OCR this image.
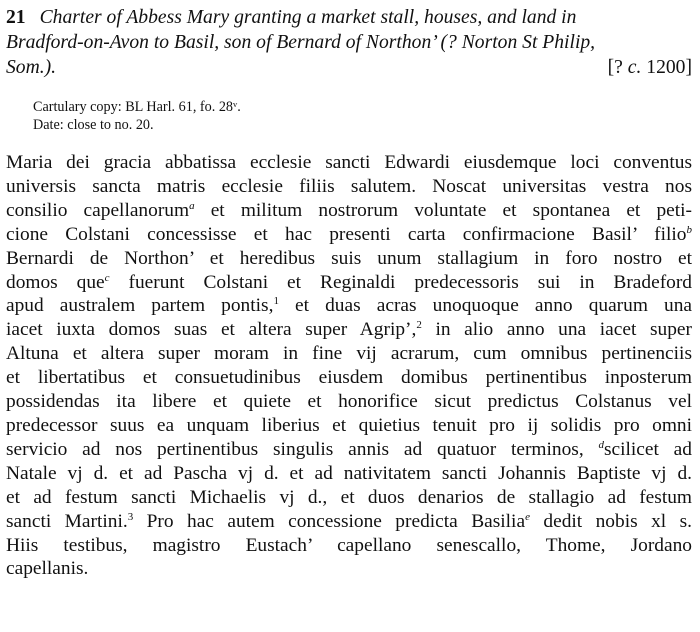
21 Charter of Abbess Mary granting a market stall, houses, and land in
Bradford-on-Avon to Basil, son of Bernard of Northon’ (? Norton St Philip,
Som.).	[? c. 1200]
Cartulary copy: BL Harl. 61, fo. 28ᵛ.
Date: close to no. 20.
Maria dei gracia abbatissa ecclesie sancti Edwardi eiusdemque loci conventus
universis sancta matris ecclesie filiis salutem. Noscat universitas vestra nos
consilio capellanorum$^a$ et militum nostrorum voluntate et spontanea et peti-
cione Colstani concessisse et hac presenti carta confirmacione Basil’ filio$^b$
Bernardi de Northon’ et heredibus suis unum stallagium in foro nostro et
domos que$^c$ fuerunt Colstani et Reginaldi predecessoris sui in Bradeford
apud australem partem pontis,$^1$ et duas acras unoquoque anno quarum una
iacet iuxta domos suas et altera super Agrip’,$^2$ in alio anno una iacet super
Altuna et altera super moram in fine vij acrarum, cum omnibus pertinenciis
et libertatibus et consuetudinibus eiusdem domibus pertinentibus inposterum
possidendas ita libere et quiete et honorifice sicut predictus Colstanus vel
predecessor suus ea unquam liberius et quietius tenuit pro ij solidis pro omni
servicio ad nos pertinentibus singulis annis ad quatuor terminos, $^d$scilicet ad
Natale vj d. et ad Pascha vj d. et ad nativitatem sancti Johannis Baptiste vj d.
et ad festum sancti Michaelis vj d., et duos denarios de stallagio ad festum
sancti Martini.$^3$ Pro hac autem concessione predicta Basilia$^e$ dedit nobis xl s.
Hiis testibus, magistro Eustach’ capellano senescallo, Thome, Jordano
capellanis.
